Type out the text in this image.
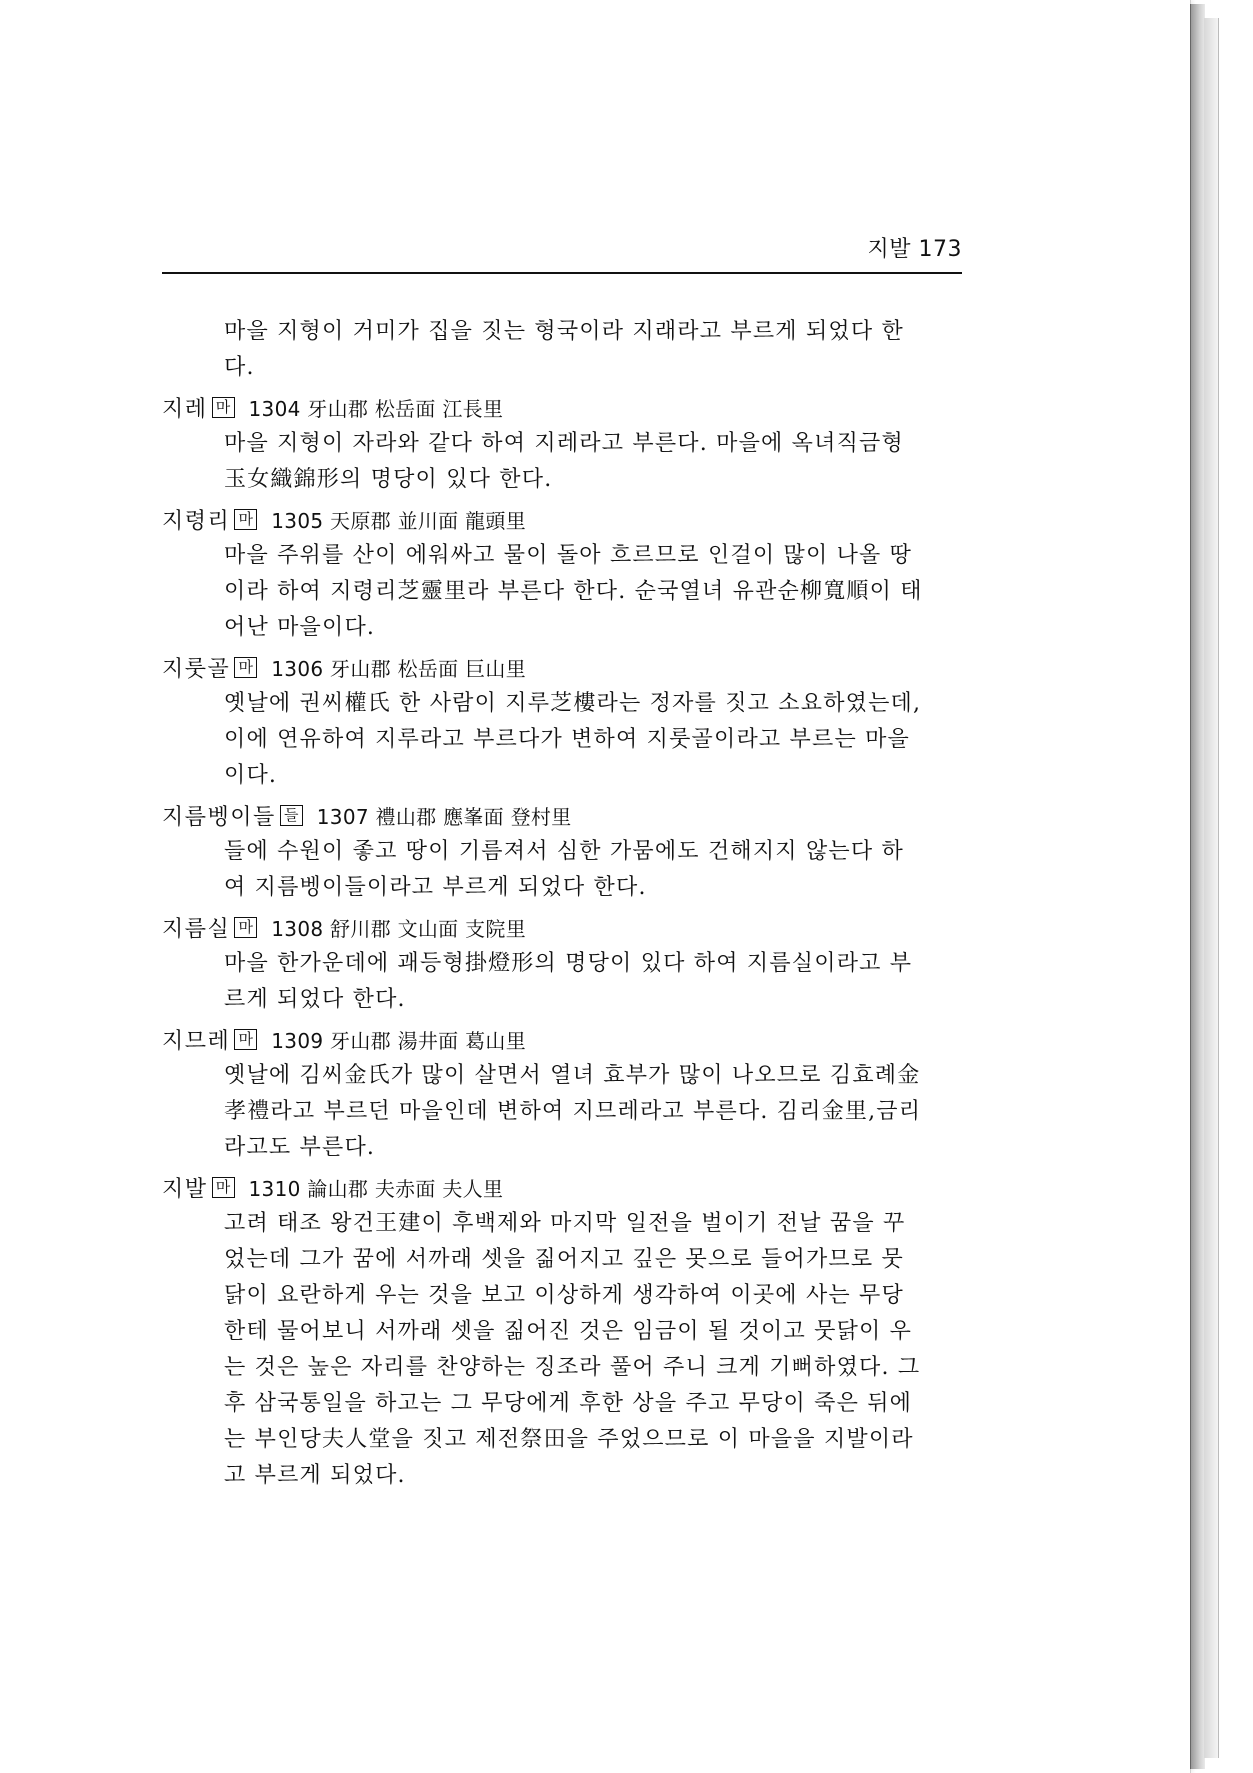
지발 173
마을 지형이 거미가 집을 짓는 형국이라 지래라고 부르게 되었다 한
다.
지레 마 1304 牙山郡 松岳面 江長里
마을 지형이 자라와 같다 하여 지레라고 부른다. 마을에 옥녀직금형
玉女織錦形의 명당이 있다 한다.
지령리 마 1305 天原郡 並川面 龍頭里
마을 주위를 산이 에워싸고 물이 돌아 흐르므로 인걸이 많이 나올 땅
이라 하여 지령리芝靈里라 부른다 한다. 순국열녀 유관순柳寬順이 태
어난 마을이다.
지룻골 마 1306 牙山郡 松岳面 巨山里
옛날에 권씨權氏 한 사람이 지루芝樓라는 정자를 짓고 소요하였는데,
이에 연유하여 지루라고 부르다가 변하여 지룻골이라고 부르는 마을
이다.
지름벵이들 들 1307 禮山郡 應峯面 登村里
들에 수원이 좋고 땅이 기름져서 심한 가뭄에도 건해지지 않는다 하
여 지름벵이들이라고 부르게 되었다 한다.
지름실 마 1308 舒川郡 文山面 支院里
마을 한가운데에 괘등형掛燈形의 명당이 있다 하여 지름실이라고 부
르게 되었다 한다.
지므레 마 1309 牙山郡 湯井面 葛山里
옛날에 김씨金氏가 많이 살면서 열녀 효부가 많이 나오므로 김효례金
孝禮라고 부르던 마을인데 변하여 지므레라고 부른다. 김리金里,금리
라고도 부른다.
지발 마 1310 論山郡 夫赤面 夫人里
고려 태조 왕건王建이 후백제와 마지막 일전을 벌이기 전날 꿈을 꾸
었는데 그가 꿈에 서까래 셋을 짊어지고 깊은 못으로 들어가므로 뭇
닭이 요란하게 우는 것을 보고 이상하게 생각하여 이곳에 사는 무당
한테 물어보니 서까래 셋을 짊어진 것은 임금이 될 것이고 뭇닭이 우
는 것은 높은 자리를 찬양하는 징조라 풀어 주니 크게 기뻐하였다. 그
후 삼국통일을 하고는 그 무당에게 후한 상을 주고 무당이 죽은 뒤에
는 부인당夫人堂을 짓고 제전祭田을 주었으므로 이 마을을 지발이라
고 부르게 되었다.
